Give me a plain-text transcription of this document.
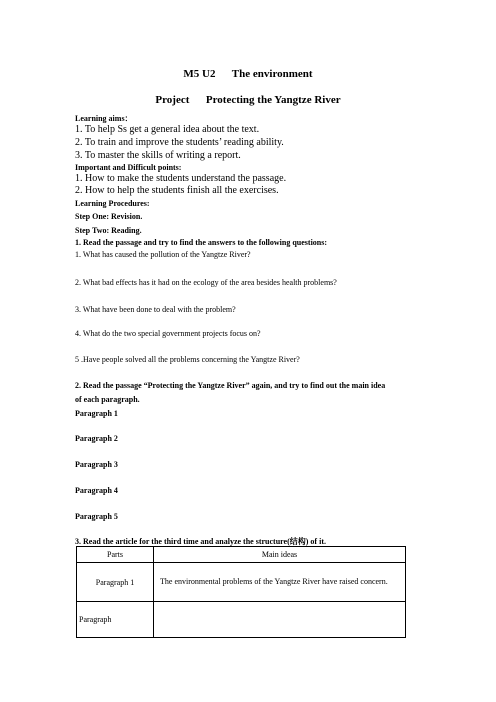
M5 U2      The environment
Project      Protecting the Yangtze River
Learning aims：
1. To help Ss get a general idea about the text.
2. To train and improve the students’ reading ability.
3. To master the skills of writing a report.
Important and Difficult points:
1. How to make the students understand the passage.
2. How to help the students finish all the exercises.
Learning Procedures:
Step One: Revision.
Step Two: Reading.
1. Read the passage and try to find the answers to the following questions:
1. What has caused the pollution of the Yangtze River?
2. What bad effects has it had on the ecology of the area besides health problems?
3. What have been done to deal with the problem?
4. What do the two special government projects focus on?
5 .Have people solved all the problems concerning the Yangtze River?
2. Read the passage “Protecting the Yangtze River” again, and try to find out the main idea
of each paragraph.
Paragraph 1
Paragraph 2
Paragraph 3
Paragraph 4
Paragraph 5
3. Read the article for the third time and analyze the structure(结构) of it.
Parts	Main ideas
Paragraph 1	The environmental problems of the Yangtze River have raised concern.
Paragraph	
